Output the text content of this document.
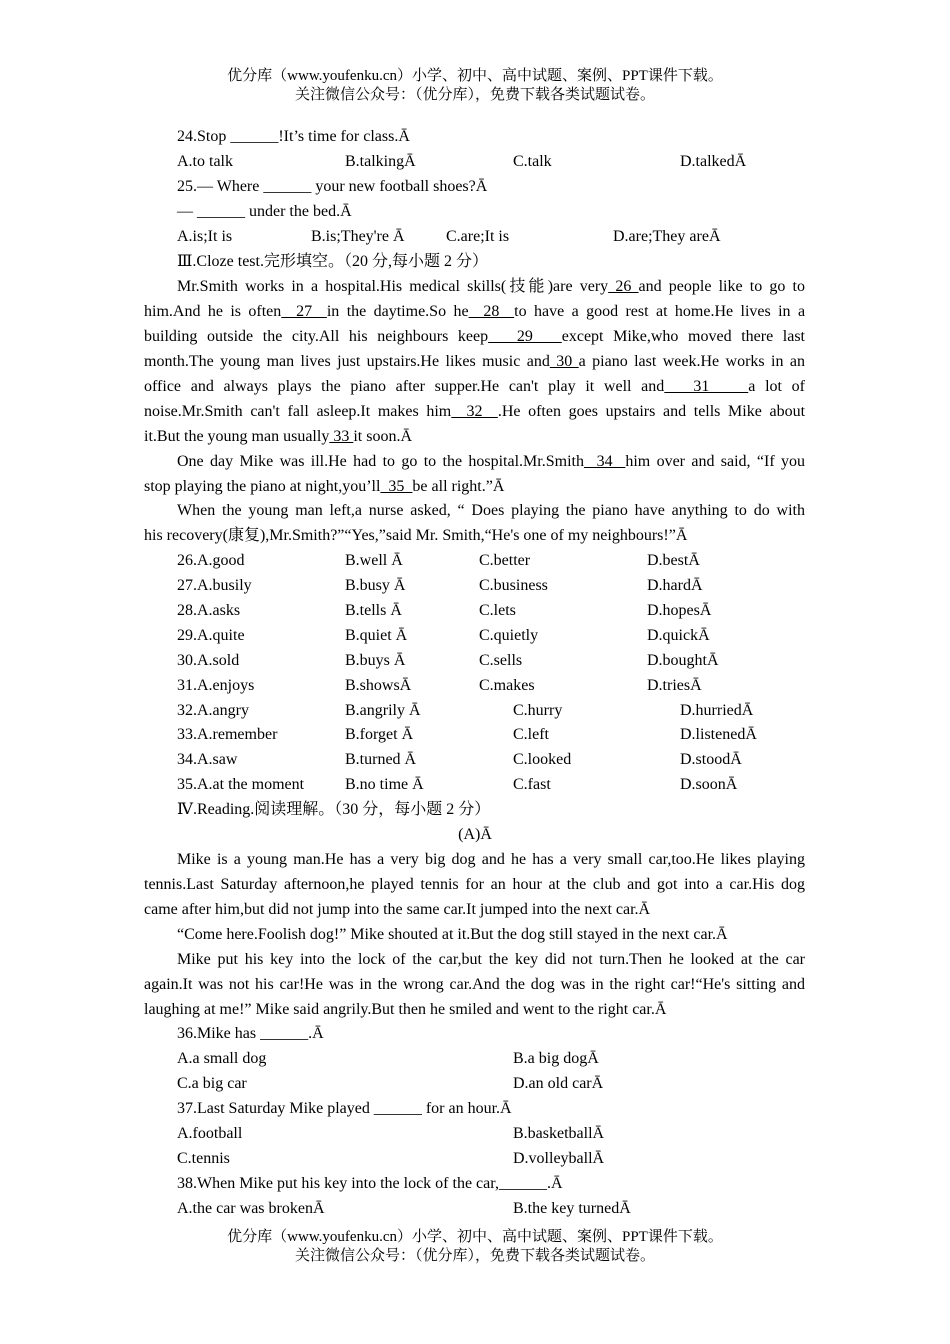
优分库（www.youfenku.cn）小学、初中、高中试题、案例、PPT课件下载。
关注微信公众号：（优分库），免费下载各类试题试卷。
24.Stop ______!It’s time for class.Ā
A.to talk	B.talkingĀ	C.talk	D.talkedĀ
25.— Where ______ your new football shoes?Ā
— ______ under the bed.Ā
A.is;It is	B.is;They're Ā	C.are;It is	D.are;They areĀ
Ⅲ.Cloze test.完形填空。（20 分,每小题 2 分）
Mr.Smith works in a hospital.His medical skills(技能)are very 26 and people like to go to
him.And he is often  27  in the daytime.So he  28  to have a good rest at home.He lives in a
building outside the city.All his neighbours keep   29   except Mike,who moved there last
month.The young man lives just upstairs.He likes music and 30 a piano last week.He works in an
office and always plays the piano after supper.He can't play it well and   31    a lot of
noise.Mr.Smith can't fall asleep.It makes him  32  .He often goes upstairs and tells Mike about
it.But the young man usually 33 it soon.Ā
One day Mike was ill.He had to go to the hospital.Mr.Smith  34  him over and said, “If you
stop playing the piano at night,you’ll  35  be all right.”Ā
When the young man left,a nurse asked, “ Does playing the piano have anything to do with
his recovery(康复),Mr.Smith?”“Yes,”said Mr. Smith,“He's one of my neighbours!”Ā
26.A.good	B.well Ā	C.better	D.bestĀ
27.A.busily	B.busy Ā	C.business	D.hardĀ
28.A.asks	B.tells Ā	C.lets	D.hopesĀ
29.A.quite	B.quiet Ā	C.quietly	D.quickĀ
30.A.sold	B.buys Ā	C.sells	D.boughtĀ
31.A.enjoys	B.showsĀ	C.makes	D.triesĀ
32.A.angry	B.angrily Ā	C.hurry	D.hurriedĀ
33.A.remember	B.forget Ā	C.left	D.listenedĀ
34.A.saw	B.turned Ā	C.looked	D.stoodĀ
35.A.at the moment	B.no time Ā	C.fast	D.soonĀ
Ⅳ.Reading.阅读理解。（30 分，每小题 2 分）
(A)Ā
Mike is a young man.He has a very big dog and he has a very small car,too.He likes playing
tennis.Last Saturday afternoon,he played tennis for an hour at the club and got into a car.His dog
came after him,but did not jump into the same car.It jumped into the next car.Ā
“Come here.Foolish dog!” Mike shouted at it.But the dog still stayed in the next car.Ā
Mike put his key into the lock of the car,but the key did not turn.Then he looked at the car
again.It was not his car!He was in the wrong car.And the dog was in the right car!“He's sitting and
laughing at me!” Mike said angrily.But then he smiled and went to the right car.Ā
36.Mike has ______.Ā
A.a small dog	B.a big dogĀ
C.a big car	D.an old carĀ
37.Last Saturday Mike played ______ for an hour.Ā
A.football	B.basketballĀ
C.tennis	D.volleyballĀ
38.When Mike put his key into the lock of the car,______.Ā
A.the car was brokenĀ	B.the key turnedĀ
优分库（www.youfenku.cn）小学、初中、高中试题、案例、PPT课件下载。
关注微信公众号：（优分库），免费下载各类试题试卷。
